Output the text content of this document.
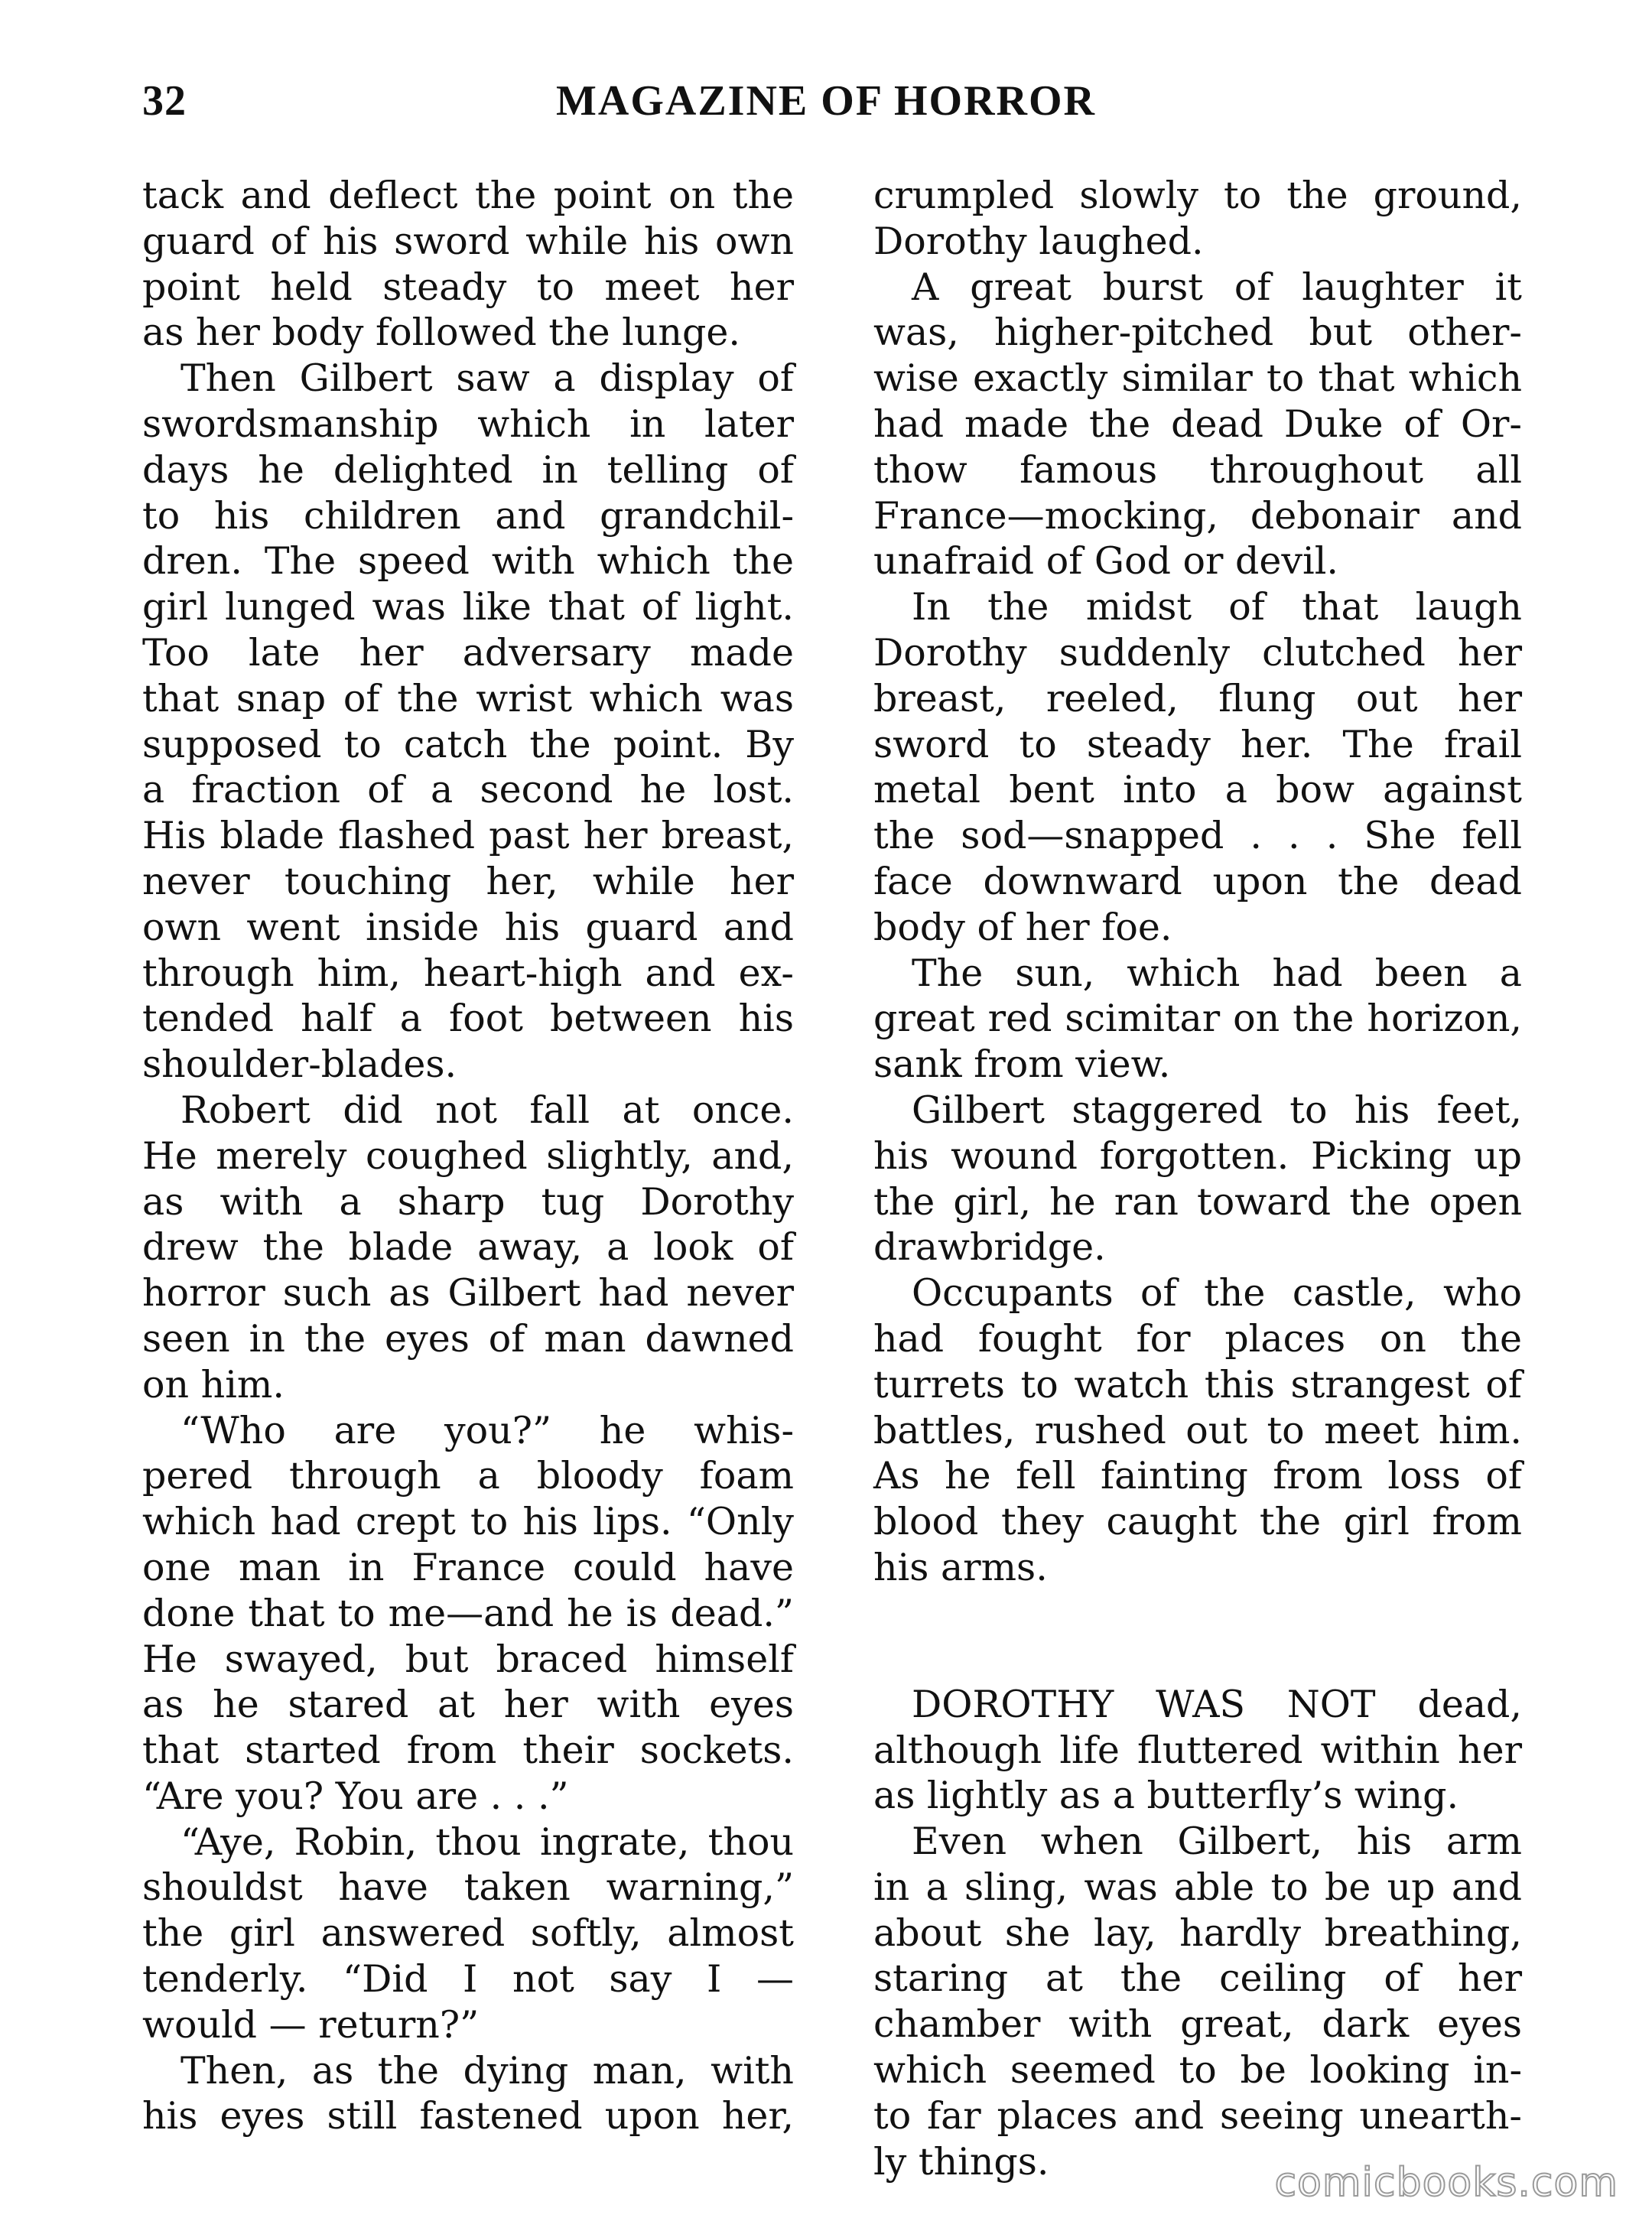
32	MAGAZINE OF HORROR
tack and deflect the point on the
guard of his sword while his own
point held steady to meet her
as her body followed the lunge.
Then Gilbert saw a display of
swordsmanship which in later
days he delighted in telling of
to his children and grandchil-
dren. The speed with which the
girl lunged was like that of light.
Too late her adversary made
that snap of the wrist which was
supposed to catch the point. By
a fraction of a second he lost.
His blade flashed past her breast,
never touching her, while her
own went inside his guard and
through him, heart-high and ex-
tended half a foot between his
shoulder-blades.
Robert did not fall at once.
He merely coughed slightly, and,
as with a sharp tug Dorothy
drew the blade away, a look of
horror such as Gilbert had never
seen in the eyes of man dawned
on him.
“Who are you?” he whis-
pered through a bloody foam
which had crept to his lips. “Only
one man in France could have
done that to me—and he is dead.”
He swayed, but braced himself
as he stared at her with eyes
that started from their sockets.
“Are you? You are . . .”
“Aye, Robin, thou ingrate, thou
shouldst have taken warning,”
the girl answered softly, almost
tenderly. “Did I not say I —
would — return?”
Then, as the dying man, with
his eyes still fastened upon her,
crumpled slowly to the ground,
Dorothy laughed.
A great burst of laughter it
was, higher-pitched but other-
wise exactly similar to that which
had made the dead Duke of Or-
thow famous throughout all
France—mocking, debonair and
unafraid of God or devil.
In the midst of that laugh
Dorothy suddenly clutched her
breast, reeled, flung out her
sword to steady her. The frail
metal bent into a bow against
the sod—snapped . . . She fell
face downward upon the dead
body of her foe.
The sun, which had been a
great red scimitar on the horizon,
sank from view.
Gilbert staggered to his feet,
his wound forgotten. Picking up
the girl, he ran toward the open
drawbridge.
Occupants of the castle, who
had fought for places on the
turrets to watch this strangest of
battles, rushed out to meet him.
As he fell fainting from loss of
blood they caught the girl from
his arms.
DOROTHY WAS NOT dead,
although life fluttered within her
as lightly as a butterfly’s wing.
Even when Gilbert, his arm
in a sling, was able to be up and
about she lay, hardly breathing,
staring at the ceiling of her
chamber with great, dark eyes
which seemed to be looking in-
to far places and seeing unearth-
ly things.	comicbooks.com
